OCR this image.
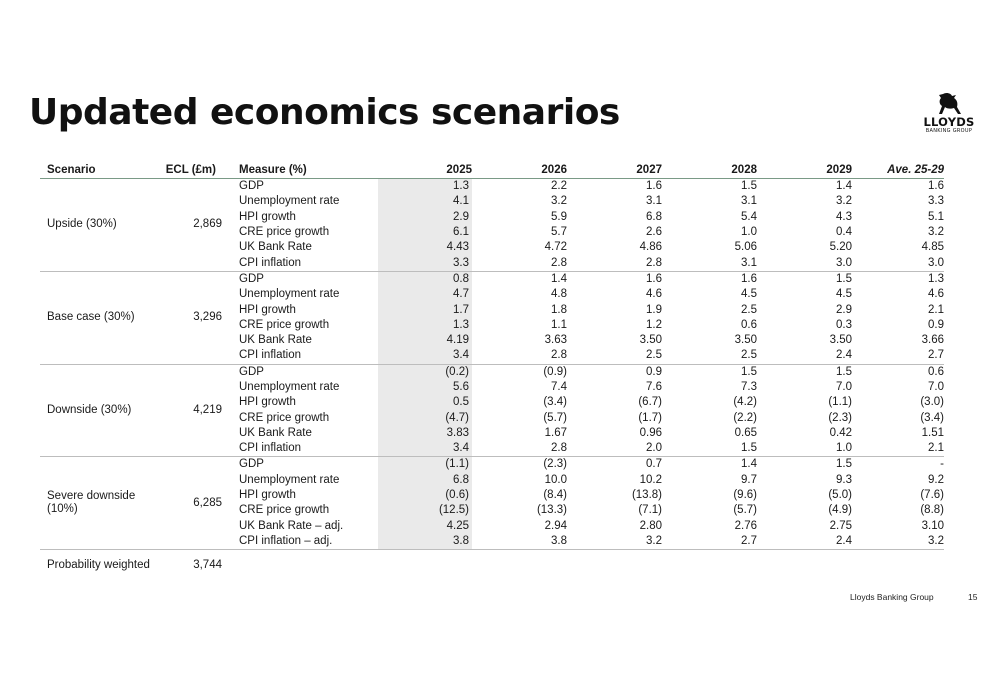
Updated economics scenarios	LLOYDS
BANKING GROUP
Scenario	ECL (£m)	Measure (%)	2025	2026	2027	2028	2029	Ave. 25-29
Upside (30%)	2,869	GDP	1.3	2.2	1.6	1.5	1.4	1.6
		Unemployment rate	4.1	3.2	3.1	3.1	3.2	3.3
		HPI growth	2.9	5.9	6.8	5.4	4.3	5.1
		CRE price growth	6.1	5.7	2.6	1.0	0.4	3.2
		UK Bank Rate	4.43	4.72	4.86	5.06	5.20	4.85
		CPI inflation	3.3	2.8	2.8	3.1	3.0	3.0
Base case (30%)	3,296	GDP	0.8	1.4	1.6	1.6	1.5	1.3
		Unemployment rate	4.7	4.8	4.6	4.5	4.5	4.6
		HPI growth	1.7	1.8	1.9	2.5	2.9	2.1
		CRE price growth	1.3	1.1	1.2	0.6	0.3	0.9
		UK Bank Rate	4.19	3.63	3.50	3.50	3.50	3.66
		CPI inflation	3.4	2.8	2.5	2.5	2.4	2.7
Downside (30%)	4,219	GDP	(0.2)	(0.9)	0.9	1.5	1.5	0.6
		Unemployment rate	5.6	7.4	7.6	7.3	7.0	7.0
		HPI growth	0.5	(3.4)	(6.7)	(4.2)	(1.1)	(3.0)
		CRE price growth	(4.7)	(5.7)	(1.7)	(2.2)	(2.3)	(3.4)
		UK Bank Rate	3.83	1.67	0.96	0.65	0.42	1.51
		CPI inflation	3.4	2.8	2.0	1.5	1.0	2.1
Severe downside (10%)	6,285	GDP	(1.1)	(2.3)	0.7	1.4	1.5	-
		Unemployment rate	6.8	10.0	10.2	9.7	9.3	9.2
		HPI growth	(0.6)	(8.4)	(13.8)	(9.6)	(5.0)	(7.6)
		CRE price growth	(12.5)	(13.3)	(7.1)	(5.7)	(4.9)	(8.8)
		UK Bank Rate – adj.	4.25	2.94	2.80	2.76	2.75	3.10
		CPI inflation – adj.	3.8	3.8	3.2	2.7	2.4	3.2
Probability weighted	3,744							
Lloyds Banking Group	15
